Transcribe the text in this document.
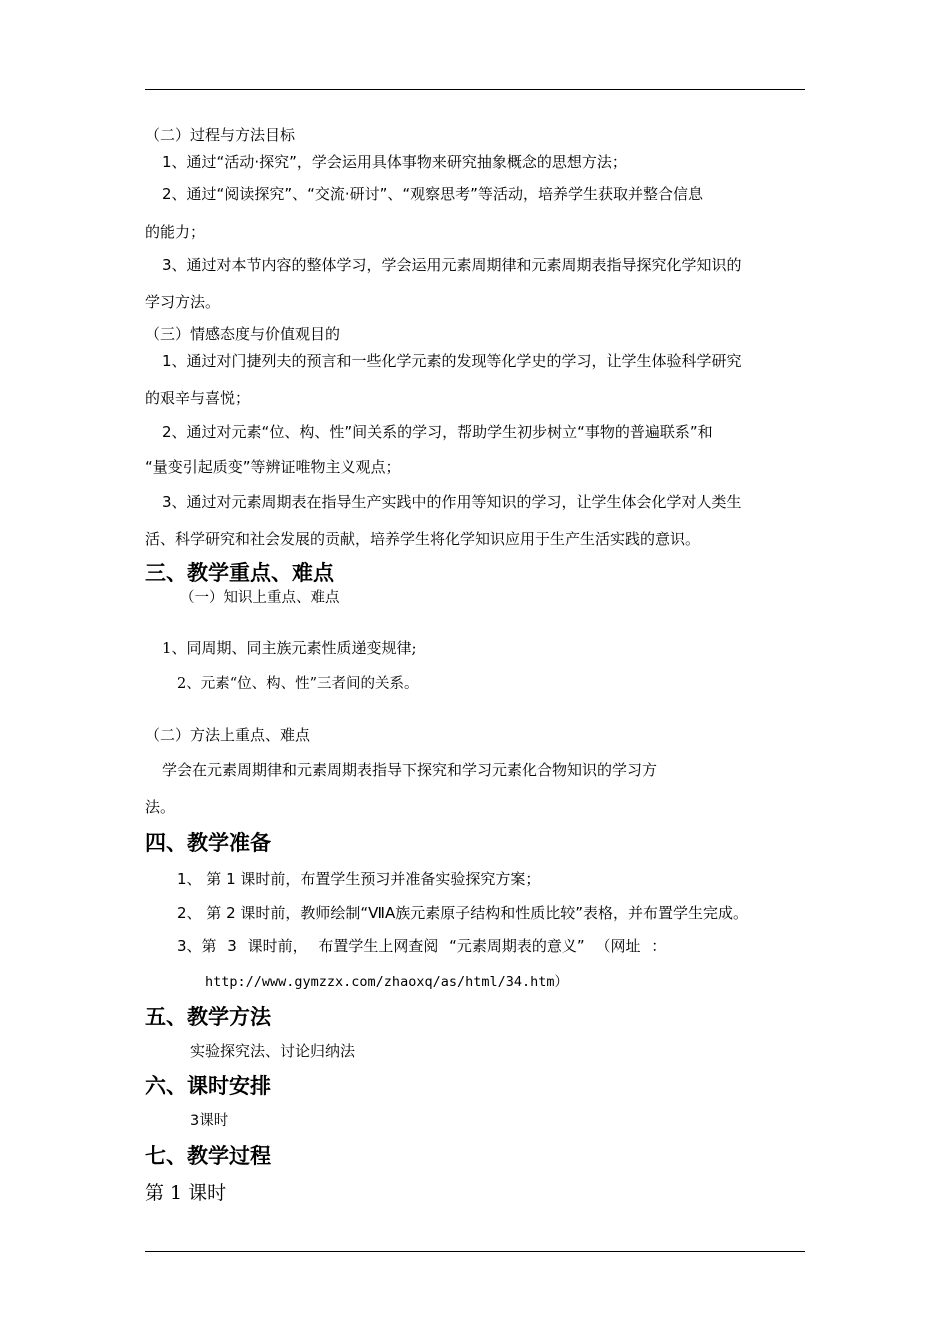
（二）过程与方法目标
1、通过“活动·探究”，学会运用具体事物来研究抽象概念的思想方法；
2、通过“阅读探究”、“交流·研讨”、“观察思考”等活动，培养学生获取并整合信息
的能力；
3、通过对本节内容的整体学习，学会运用元素周期律和元素周期表指导探究化学知识的
学习方法。
（三）情感态度与价值观目的
1、通过对门捷列夫的预言和一些化学元素的发现等化学史的学习，让学生体验科学研究
的艰辛与喜悦；
2、通过对元素“位、构、性”间关系的学习，帮助学生初步树立“事物的普遍联系”和
“量变引起质变”等辨证唯物主义观点；
3、通过对元素周期表在指导生产实践中的作用等知识的学习，让学生体会化学对人类生
活、科学研究和社会发展的贡献，培养学生将化学知识应用于生产生活实践的意识。
三、教学重点、难点
（一）知识上重点、难点
1、同周期、同主族元素性质递变规律;
2、元素“位、构、性”三者间的关系。
（二）方法上重点、难点
学会在元素周期律和元素周期表指导下探究和学习元素化合物知识的学习方
法。
四、教学准备
1、 第 1 课时前，布置学生预习并准备实验探究方案；
2、 第 2 课时前，教师绘制“ⅦA族元素原子结构和性质比较”表格，并布置学生完成。
3、第 3 课时前， 布置学生上网查阅 “元素周期表的意义” （网址 ：
http://www.gymzzx.com/zhaoxq/as/html/34.htm）
五、教学方法
实验探究法、讨论归纳法
六、课时安排
3课时
七、教学过程
第 1 课时
